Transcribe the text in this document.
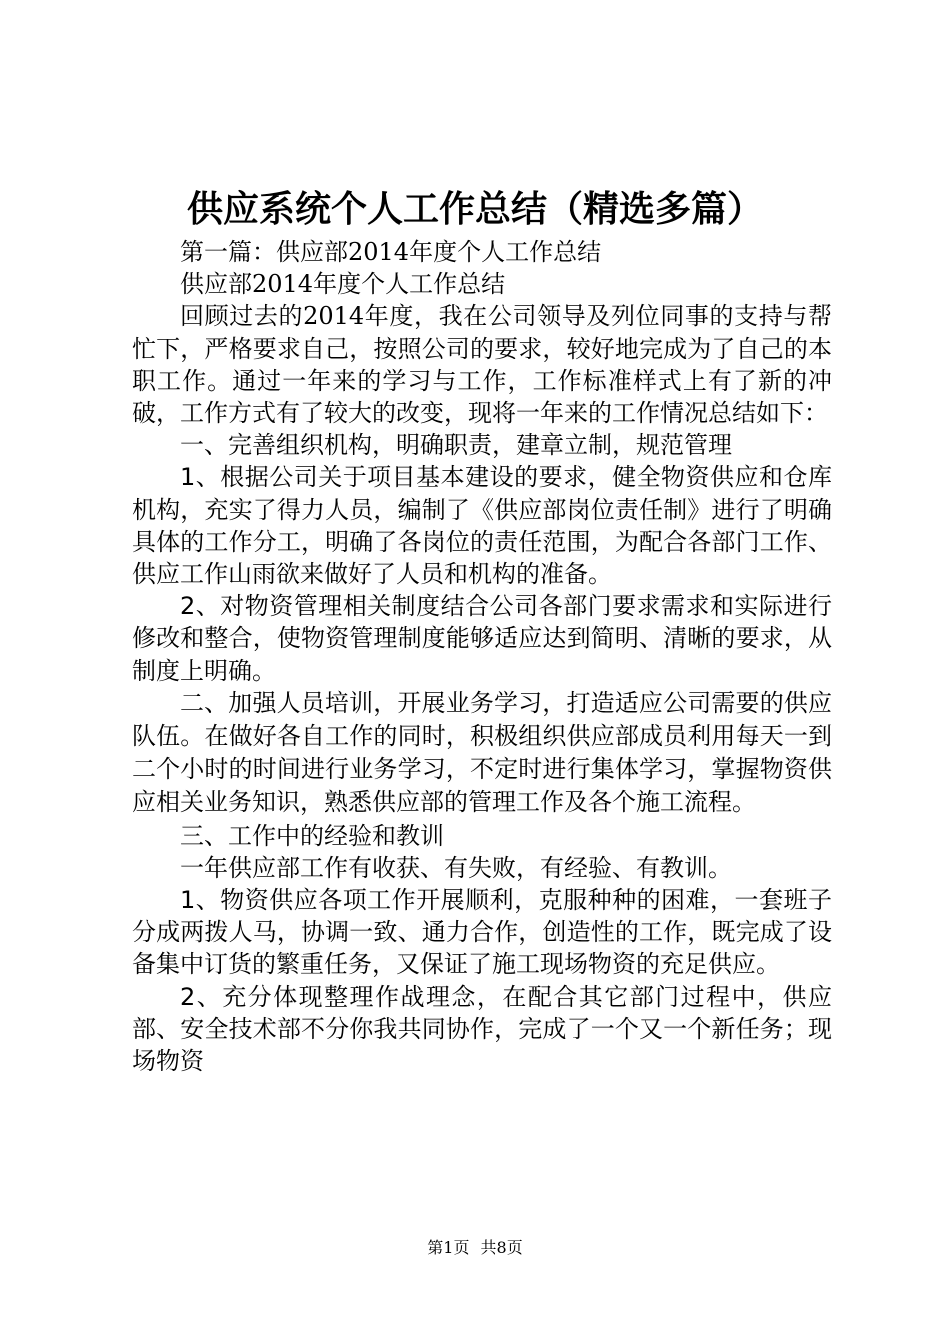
供应系统个人工作总结（精选多篇）

第一篇：供应部2014年度个人工作总结

供应部2014年度个人工作总结

回顾过去的2014年度，我在公司领导及列位同事的支持与帮忙下，严格要求自己，按照公司的要求，较好地完成为了自己的本职工作。通过一年来的学习与工作，工作标准样式上有了新的冲破，工作方式有了较大的改变，现将一年来的工作情况总结如下：

一、完善组织机构，明确职责，建章立制，规范管理

1、根据公司关于项目基本建设的要求，健全物资供应和仓库机构，充实了得力人员，编制了《供应部岗位责任制》进行了明确具体的工作分工，明确了各岗位的责任范围，为配合各部门工作、供应工作山雨欲来做好了人员和机构的准备。

2、对物资管理相关制度结合公司各部门要求需求和实际进行修改和整合，使物资管理制度能够适应达到简明、清晰的要求，从制度上明确。

二、加强人员培训，开展业务学习，打造适应公司需要的供应队伍。在做好各自工作的同时，积极组织供应部成员利用每天一到二个小时的时间进行业务学习，不定时进行集体学习，掌握物资供应相关业务知识，熟悉供应部的管理工作及各个施工流程。

三、工作中的经验和教训

一年供应部工作有收获、有失败，有经验、有教训。

1、物资供应各项工作开展顺利，克服种种的困难，一套班子分成两拨人马，协调一致、通力合作，创造性的工作，既完成了设备集中订货的繁重任务，又保证了施工现场物资的充足供应。

2、充分体现整理作战理念，在配合其它部门过程中，供应部、安全技术部不分你我共同协作，完成了一个又一个新任务；现场物资

第1页 共8页
